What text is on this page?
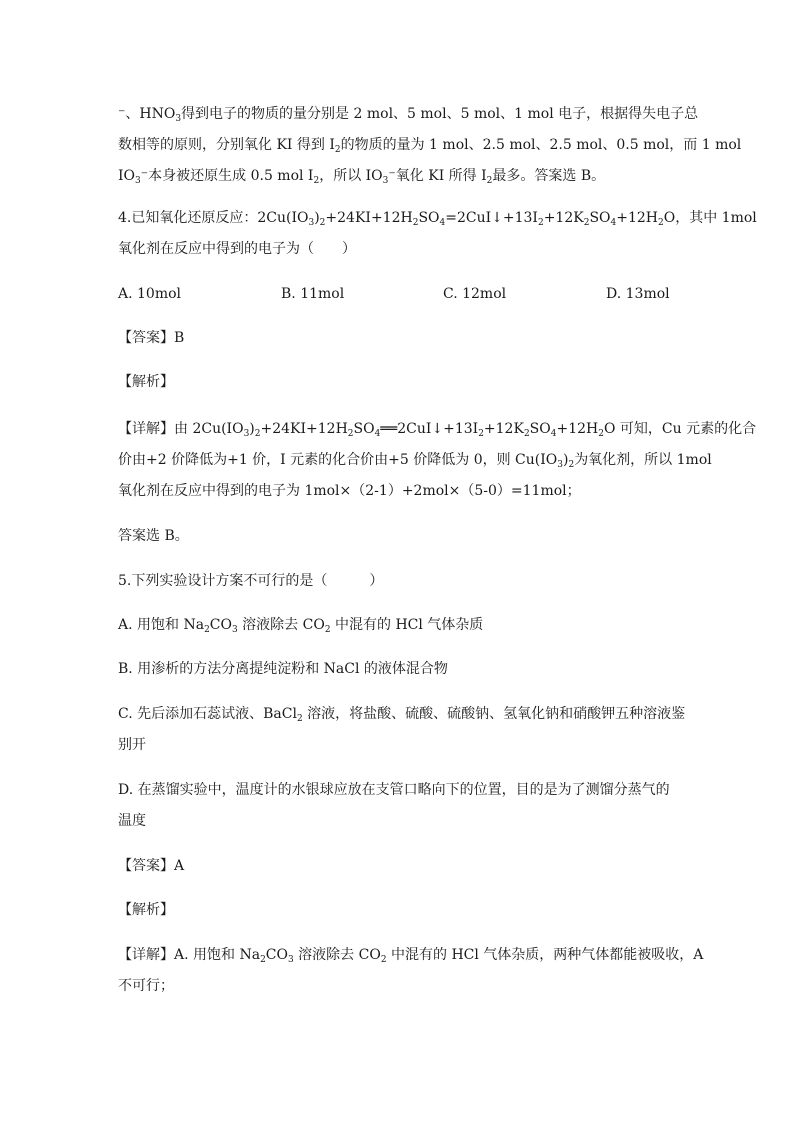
⁻、$HNO_3$得到电子的物质的量分别是 2 mol、5 mol、5 mol、1 mol 电子，根据得失电子总
数相等的原则，分别氧化 KI 得到 $I_2$的物质的量为 1 mol、2.5 mol、2.5 mol、0.5 mol，而 1 mol
$IO_3^-$本身被还原生成 0.5 mol $I_2$，所以 $IO_3^-$氧化 KI 所得 $I_2$最多。答案选 B。
4.已知氧化还原反应：$2Cu(IO_3)_2+24KI+12H_2SO_4=2CuI↓+13I_2+12K_2SO_4+12H_2O$，其中 1mol
氧化剂在反应中得到的电子为（　　）
A. 10mol	B. 11mol	C. 12mol	D. 13mol
【答案】B
【解析】
【详解】由 $2Cu(IO_3)_2+24KI+12H_2SO_4══2CuI↓+13I_2+12K_2SO_4+12H_2O$ 可知，Cu 元素的化合
价由+2 价降低为+1 价，I 元素的化合价由+5 价降低为 0，则 $Cu(IO_3)_2$为氧化剂，所以 1mol
氧化剂在反应中得到的电子为 1mol×（2-1）+2mol×（5-0）=11mol；
答案选 B。
5.下列实验设计方案不可行的是（　　　）
A. 用饱和 $Na_2CO_3$ 溶液除去 $CO_2$ 中混有的 HCl 气体杂质
B. 用渗析的方法分离提纯淀粉和 NaCl 的液体混合物
C. 先后添加石蕊试液、BaCl$_2$ 溶液，将盐酸、硫酸、硫酸钠、氢氧化钠和硝酸钾五种溶液鉴
别开
D. 在蒸馏实验中，温度计的水银球应放在支管口略向下的位置，目的是为了测馏分蒸气的
温度
【答案】A
【解析】
【详解】A. 用饱和 $Na_2CO_3$ 溶液除去 $CO_2$ 中混有的 HCl 气体杂质，两种气体都能被吸收，A
不可行；
